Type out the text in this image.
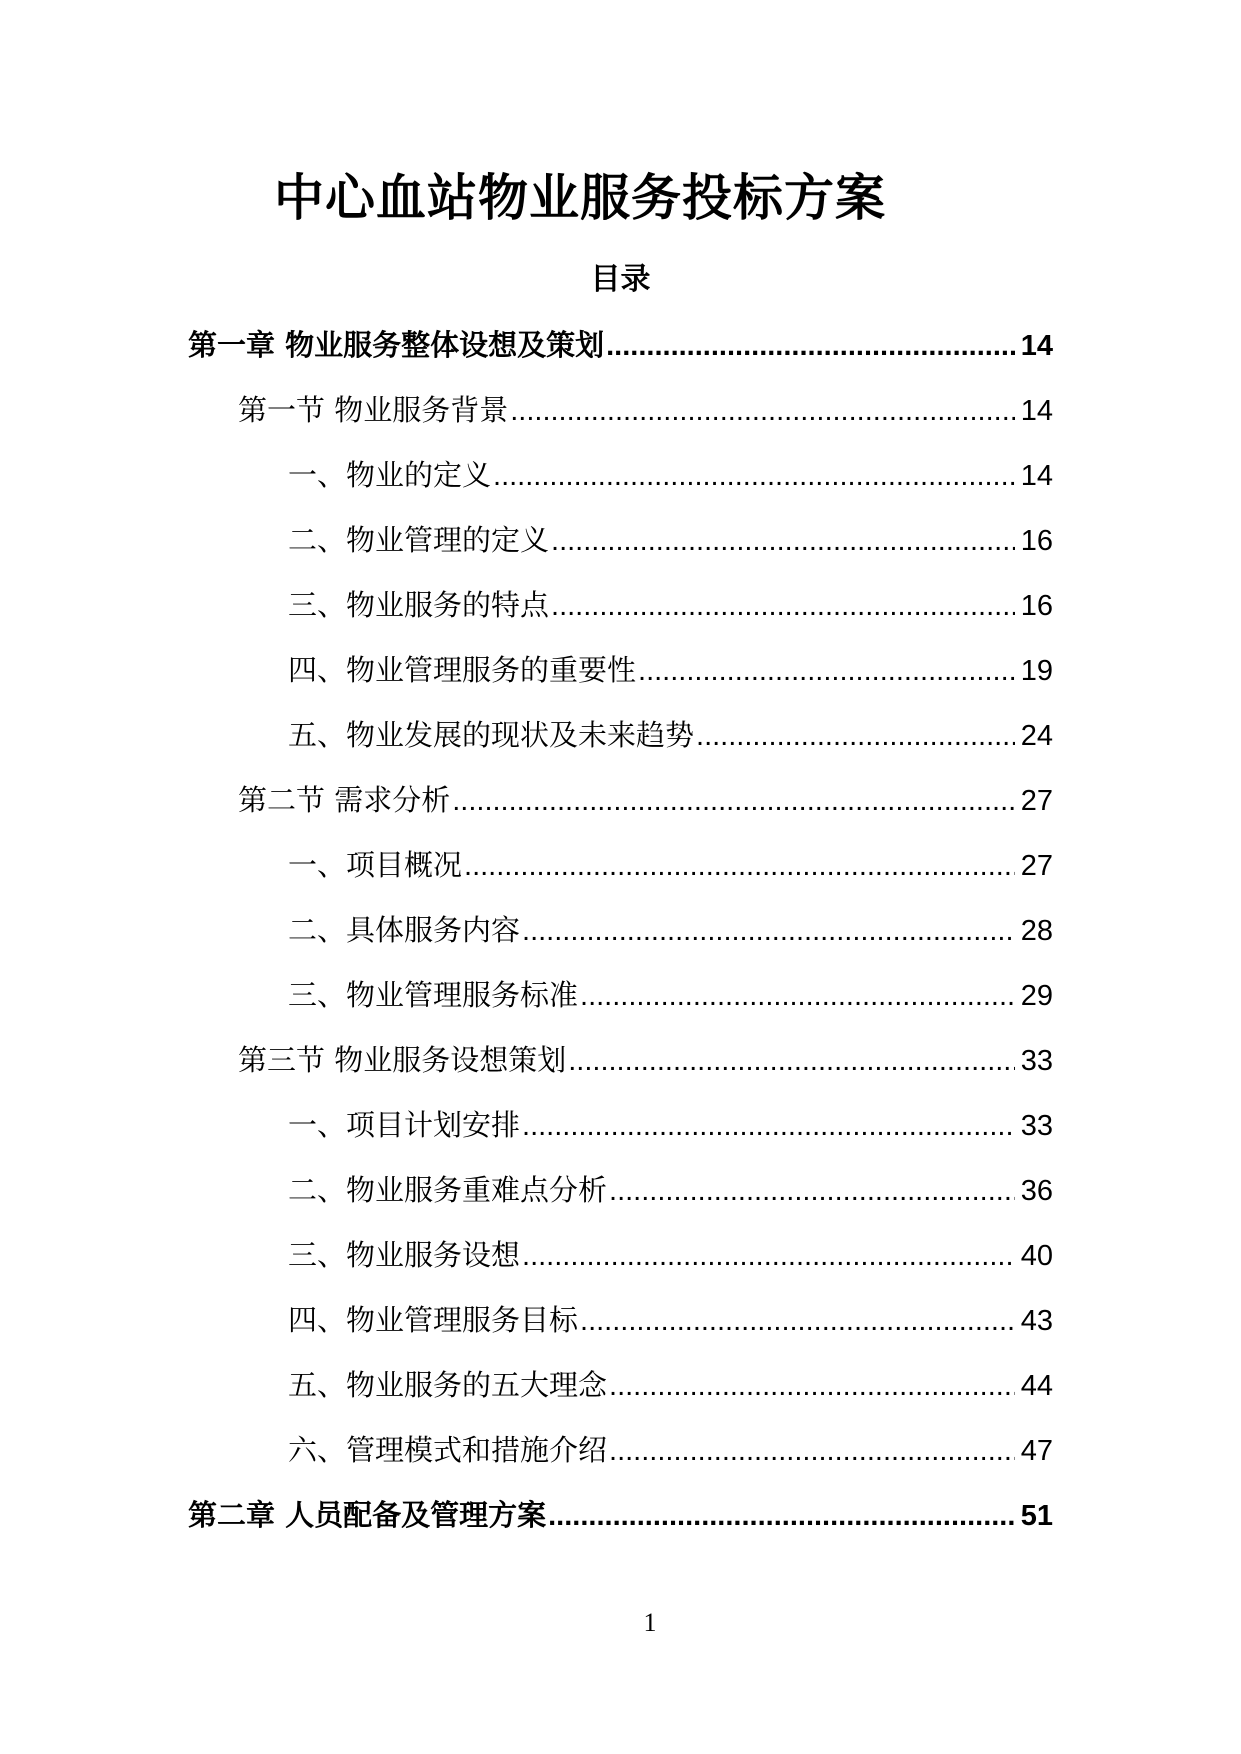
中心血站物业服务投标方案
目录
第一章 物业服务整体设想及策划 .....	14
第一节 物业服务背景 .....	14
一、物业的定义 .....	14
二、物业管理的定义 .....	16
三、物业服务的特点 .....	16
四、物业管理服务的重要性 .....	19
五、物业发展的现状及未来趋势 .....	24
第二节 需求分析 .....	27
一、项目概况 .....	27
二、具体服务内容 .....	28
三、物业管理服务标准 .....	29
第三节 物业服务设想策划 .....	33
一、项目计划安排 .....	33
二、物业服务重难点分析 .....	36
三、物业服务设想 .....	40
四、物业管理服务目标 .....	43
五、物业服务的五大理念 .....	44
六、管理模式和措施介绍 .....	47
第二章 人员配备及管理方案 .....	51
1
